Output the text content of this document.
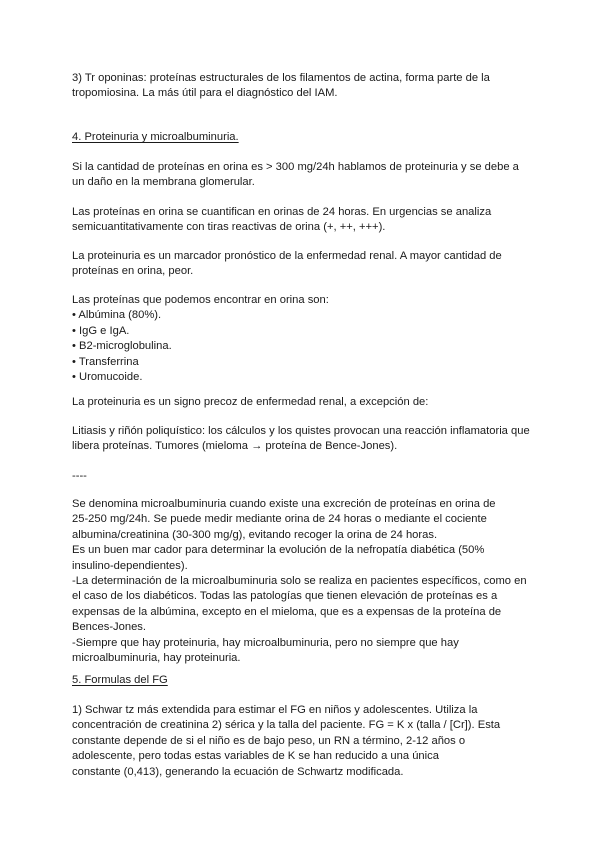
3) Tr oponinas: proteínas estructurales de los filamentos de actina, forma parte de la
tropomiosina. La más útil para el diagnóstico del IAM.
4. Proteinuria y microalbuminuria.
Si la cantidad de proteínas en orina es > 300 mg/24h hablamos de proteinuria y se debe a
un daño en la membrana glomerular.
Las proteínas en orina se cuantifican en orinas de 24 horas. En urgencias se analiza
semicuantitativamente con tiras reactivas de orina (+, ++, +++).
La proteinuria es un marcador pronóstico de la enfermedad renal. A mayor cantidad de
proteínas en orina, peor.
Las proteínas que podemos encontrar en orina son:
• Albúmina (80%).
• IgG e IgA.
• B2-microglobulina.
• Transferrina
• Uromucoide.
La proteinuria es un signo precoz de enfermedad renal, a excepción de:
Litiasis y riñón poliquístico: los cálculos y los quistes provocan una reacción inflamatoria que
libera proteínas. Tumores (mieloma → proteína de Bence-Jones).
----
Se denomina microalbuminuria cuando existe una excreción de proteínas en orina de
25-250 mg/24h. Se puede medir mediante orina de 24 horas o mediante el cociente
albumina/creatinina (30-300 mg/g), evitando recoger la orina de 24 horas.
Es un buen mar cador para determinar la evolución de la nefropatía diabética (50%
insulino-dependientes).
-La determinación de la microalbuminuria solo se realiza en pacientes específicos, como en
el caso de los diabéticos. Todas las patologías que tienen elevación de proteínas es a
expensas de la albúmina, excepto en el mieloma, que es a expensas de la proteína de
Bences-Jones.
-Siempre que hay proteinuria, hay microalbuminuria, pero no siempre que hay
microalbuminuria, hay proteinuria.
5. Formulas del FG
1) Schwar tz más extendida para estimar el FG en niños y adolescentes. Utiliza la
concentración de creatinina 2) sérica y la talla del paciente. FG = K x (talla / [Cr]). Esta
constante depende de si el niño es de bajo peso, un RN a término, 2-12 años o
adolescente, pero todas estas variables de K se han reducido a una única
constante (0,413), generando la ecuación de Schwartz modificada.
